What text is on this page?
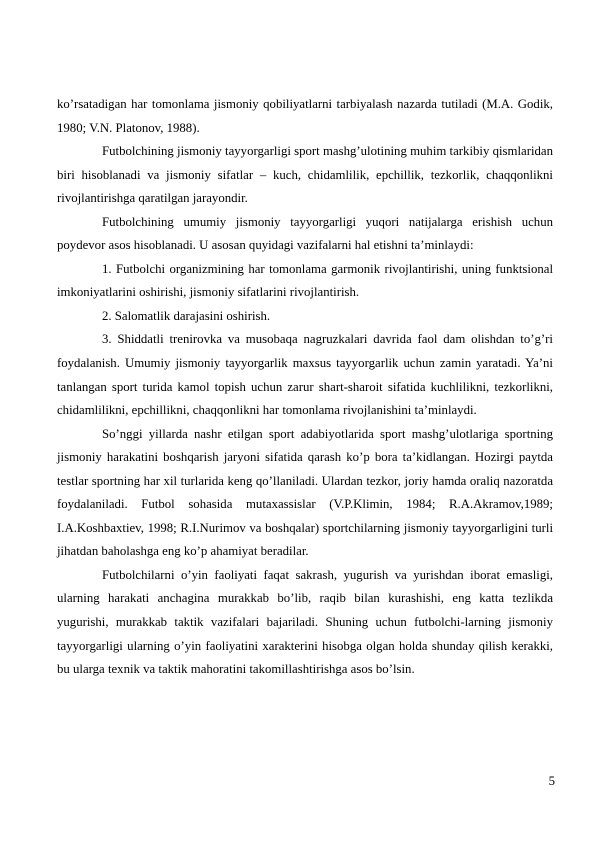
ko’rsatadigan har tomonlama jismoniy qobiliyatlarni tarbiyalash nazarda tutiladi (M.A. Godik, 1980; V.N. Platonov, 1988).

Futbolchining jismoniy tayyorgarligi sport mashg’ulotining muhim tarkibiy qismlaridan biri hisoblanadi va jismoniy sifatlar – kuch, chidamlilik, epchillik, tezkorlik, chaqqonlikni rivojlantirishga qaratilgan jarayondir.

Futbolchining umumiy jismoniy tayyorgarligi yuqori natijalarga erishish uchun poydevor asos hisoblanadi. U asosan quyidagi vazifalarni hal etishni ta’minlaydi:

1. Futbolchi organizmining har tomonlama garmonik rivojlantirishi, uning funktsional imkoniyatlarini oshirishi, jismoniy sifatlarini rivojlantirish.

2. Salomatlik darajasini oshirish.

3. Shiddatli trenirovka va musobaqa nagruzkalari davrida faol dam olishdan to’g’ri foydalanish. Umumiy jismoniy tayyorgarlik maxsus tayyorgarlik uchun zamin yaratadi. Ya’ni tanlangan sport turida kamol topish uchun zarur shart-sharoit sifatida kuchlilikni, tezkorlikni, chidamlilikni, epchillikni, chaqqonlikni har tomonlama rivojlanishini ta’minlaydi.

So’nggi yillarda nashr etilgan sport adabiyotlarida sport mashg’ulotlariga sportning jismoniy harakatini boshqarish jaryoni sifatida qarash ko’p bora ta’kidlangan. Hozirgi paytda testlar sportning har xil turlarida keng qo’llaniladi. Ulardan tezkor, joriy hamda oraliq nazoratda foydalaniladi. Futbol sohasida mutaxassislar (V.P.Klimin, 1984; R.A.Akramov,1989; I.A.Koshbaxtiev, 1998; R.I.Nurimov va boshqalar) sportchilarning jismoniy tayyorgarligini turli jihatdan baholashga eng ko’p ahamiyat beradilar.

Futbolchilarni o’yin faoliyati faqat sakrash, yugurish va yurishdan iborat emasligi, ularning harakati anchagina murakkab bo’lib, raqib bilan kurashishi, eng katta tezlikda yugurishi, murakkab taktik vazifalari bajariladi. Shuning uchun futbolchi-larning jismoniy tayyorgarligi ularning o’yin faoliyatini xarakterini hisobga olgan holda shunday qilish kerakki, bu ularga texnik va taktik mahoratini takomillashtirishga asos bo’lsin.

5
